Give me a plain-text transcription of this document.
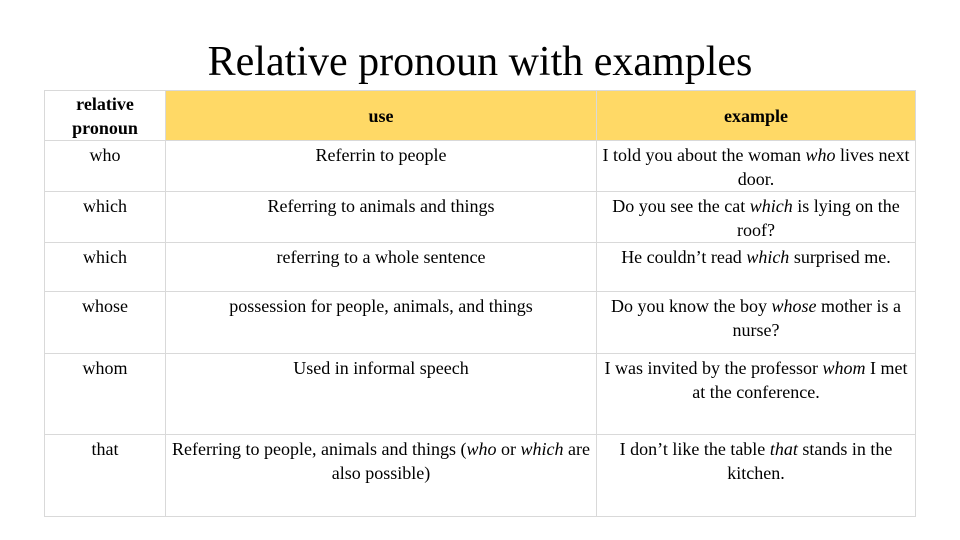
Relative pronoun with examples
relative pronoun	use	example
who	Referrin to people	I told you about the woman who lives next door.
which	Referring to animals and things	Do you see the cat which is lying on the roof?
which	referring to a whole sentence	He couldn’t read which surprised me.
whose	possession for people, animals, and things	Do you know the boy whose mother is a nurse?
whom	Used in informal speech	I was invited by the professor whom I met at the conference.
that	Referring to people, animals and things (who or which are also possible)	I don’t like the table that stands in the kitchen.
